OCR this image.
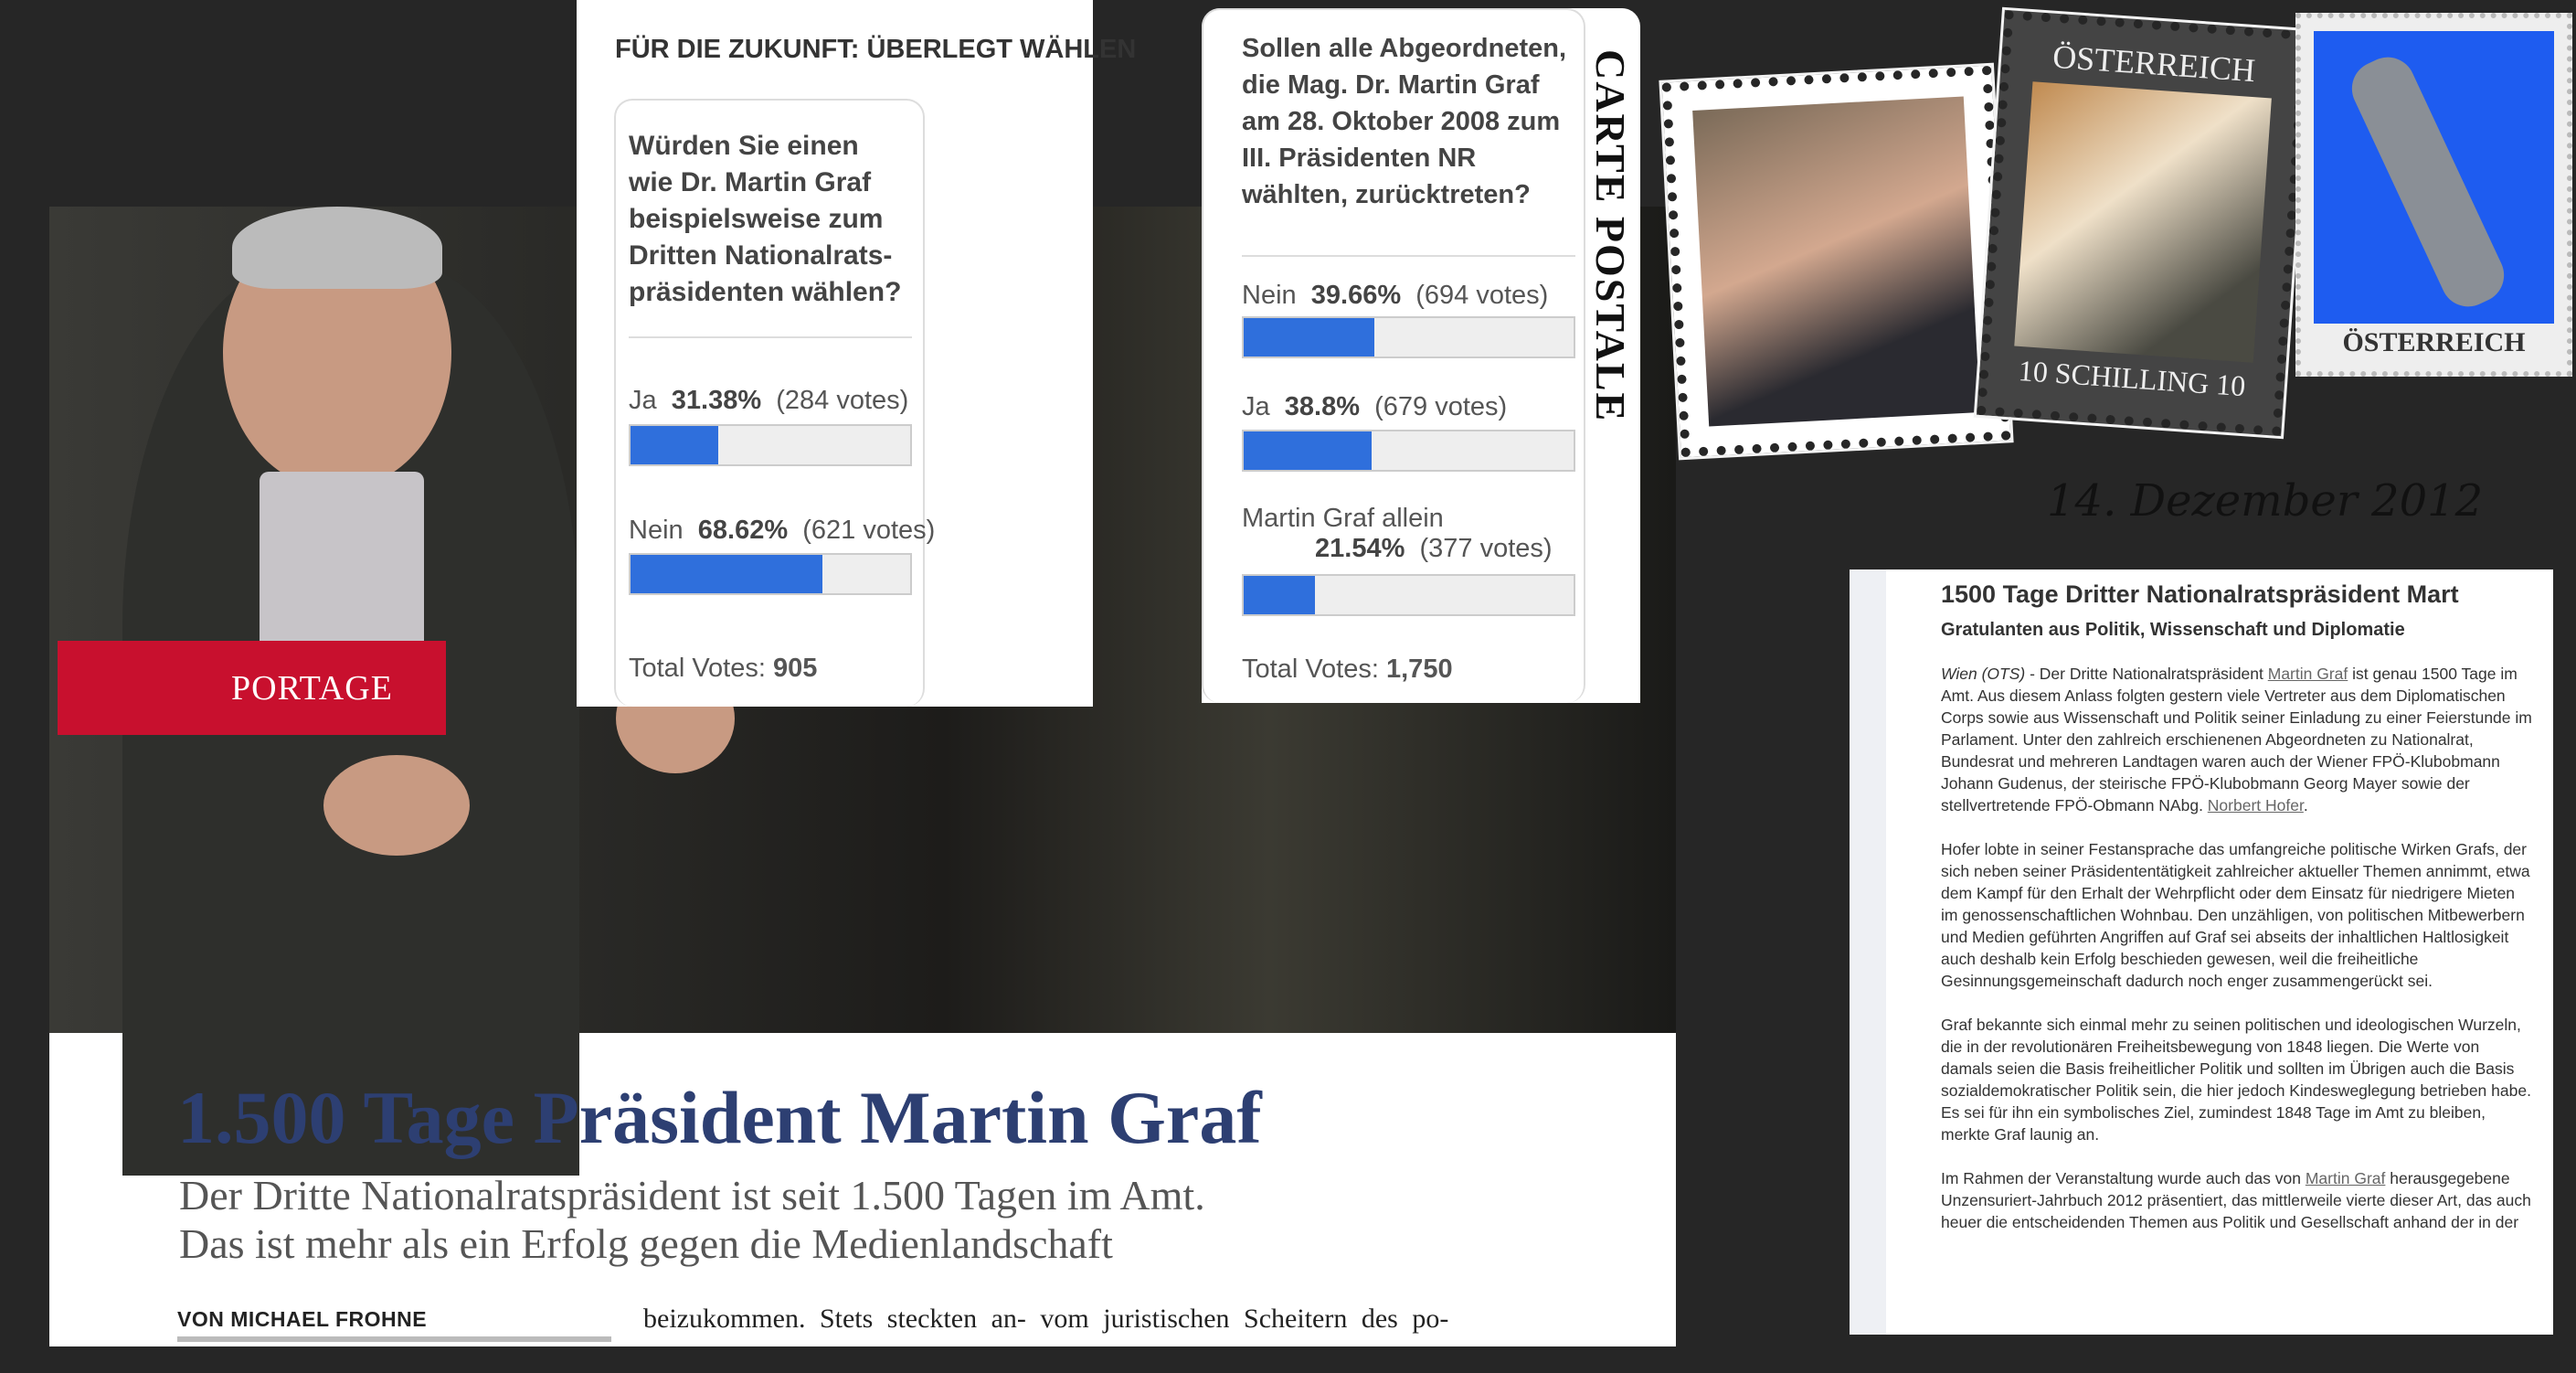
PORTAGE
1.500 Tage Präsident Martin Graf
Der Dritte Nationalratspräsident ist seit 1.500 Tagen im Amt.
Das ist mehr als ein Erfolg gegen die Medienlandschaft
VON MICHAEL FROHNE	beizukommen. Stets steckten an- vom juristischen Scheitern des po-
FÜR DIE ZUKUNFT: ÜBERLEGT WÄHLEN
Würden Sie einen wie Dr. Martin Graf beispielsweise zum Dritten Nationalrats-präsidenten wählen?
Ja 31.38% (284 votes)
Nein 68.62% (621 votes)
Total Votes: 905
Sollen alle Abgeordneten, die Mag. Dr. Martin Graf am 28. Oktober 2008 zum III. Präsidenten NR wählten, zurücktreten?
Nein 39.66% (694 votes)
Ja 38.8% (679 votes)
Martin Graf allein
21.54% (377 votes)
Total Votes: 1,750
CARTE POSTALE	ÖSTERREICH
10 SCHILLING 10
ÖSTERREICH
14. Dezember 2012
1500 Tage Dritter Nationalratspräsident Mart
Gratulanten aus Politik, Wissenschaft und Diplomatie

Wien (OTS) - Der Dritte Nationalratspräsident Martin Graf ist genau 1500 Tage im Amt. Aus diesem Anlass folgten gestern viele Vertreter aus dem Diplomatischen Corps sowie aus Wissenschaft und Politik seiner Einladung zu einer Feierstunde im Parlament. Unter den zahlreich erschienenen Abgeordneten zu Nationalrat, Bundesrat und mehreren Landtagen waren auch der Wiener FPÖ-Klubobmann Johann Gudenus, der steirische FPÖ-Klubobmann Georg Mayer sowie der stellvertretende FPÖ-Obmann NAbg. Norbert Hofer.

Hofer lobte in seiner Festansprache das umfangreiche politische Wirken Grafs, der sich neben seiner Präsidententätigkeit zahlreicher aktueller Themen annimmt, etwa dem Kampf für den Erhalt der Wehrpflicht oder dem Einsatz für niedrigere Mieten im genossenschaftlichen Wohnbau. Den unzähligen, von politischen Mitbewerbern und Medien geführten Angriffen auf Graf sei abseits der inhaltlichen Haltlosigkeit auch deshalb kein Erfolg beschieden gewesen, weil die freiheitliche Gesinnungsgemeinschaft dadurch noch enger zusammengerückt sei.

Graf bekannte sich einmal mehr zu seinen politischen und ideologischen Wurzeln, die in der revolutionären Freiheitsbewegung von 1848 liegen. Die Werte von damals seien die Basis freiheitlicher Politik und sollten im Übrigen auch die Basis sozialdemokratischer Politik sein, die hier jedoch Kindesweglegung betrieben habe. Es sei für ihn ein symbolisches Ziel, zumindest 1848 Tage im Amt zu bleiben, merkte Graf launig an.

Im Rahmen der Veranstaltung wurde auch das von Martin Graf herausgegebene Unzensuriert-Jahrbuch 2012 präsentiert, das mittlerweile vierte dieser Art, das auch heuer die entscheidenden Themen aus Politik und Gesellschaft anhand der in der
